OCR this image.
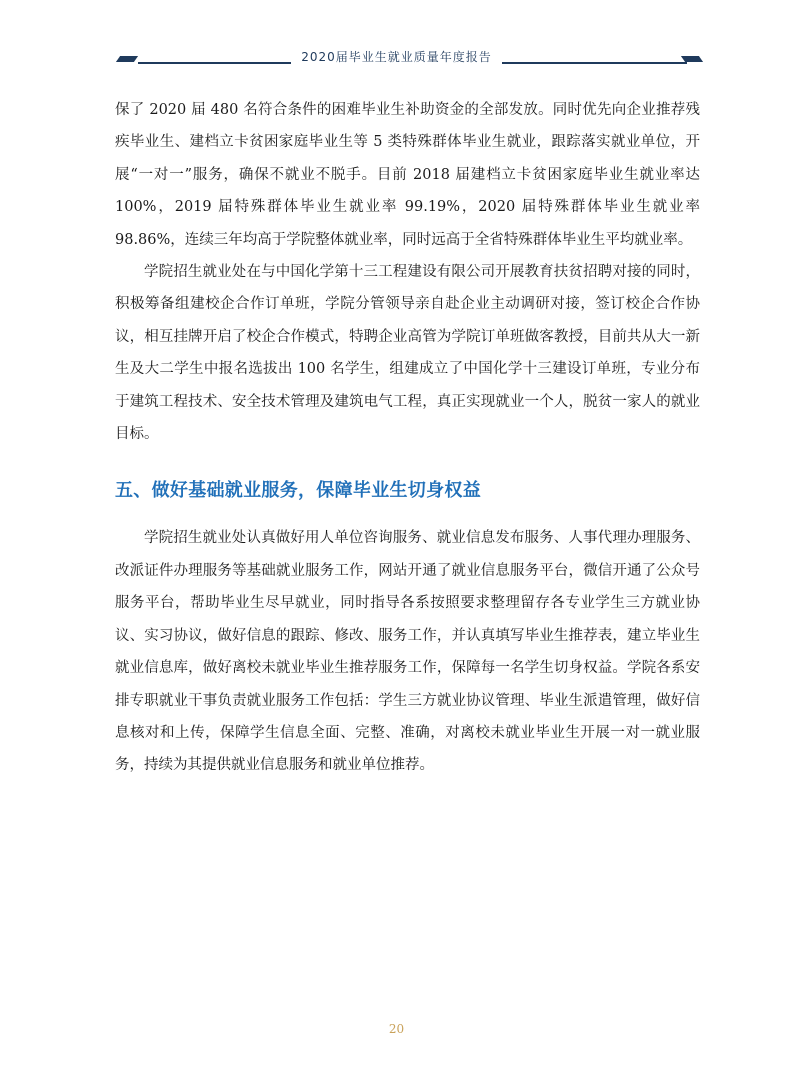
2020届毕业生就业质量年度报告

保了 2020 届 480 名符合条件的困难毕业生补助资金的全部发放。同时优先向企业推荐残疾毕业生、建档立卡贫困家庭毕业生等 5 类特殊群体毕业生就业，跟踪落实就业单位，开展“一对一”服务，确保不就业不脱手。目前 2018 届建档立卡贫困家庭毕业生就业率达 100%，2019 届特殊群体毕业生就业率 99.19%，2020 届特殊群体毕业生就业率 98.86%，连续三年均高于学院整体就业率，同时远高于全省特殊群体毕业生平均就业率。

学院招生就业处在与中国化学第十三工程建设有限公司开展教育扶贫招聘对接的同时，积极筹备组建校企合作订单班，学院分管领导亲自赴企业主动调研对接，签订校企合作协议，相互挂牌开启了校企合作模式，特聘企业高管为学院订单班做客教授，目前共从大一新生及大二学生中报名选拔出 100 名学生，组建成立了中国化学十三建设订单班，专业分布于建筑工程技术、安全技术管理及建筑电气工程，真正实现就业一个人，脱贫一家人的就业目标。

五、做好基础就业服务，保障毕业生切身权益

学院招生就业处认真做好用人单位咨询服务、就业信息发布服务、人事代理办理服务、改派证件办理服务等基础就业服务工作，网站开通了就业信息服务平台，微信开通了公众号服务平台，帮助毕业生尽早就业，同时指导各系按照要求整理留存各专业学生三方就业协议、实习协议，做好信息的跟踪、修改、服务工作，并认真填写毕业生推荐表，建立毕业生就业信息库，做好离校未就业毕业生推荐服务工作，保障每一名学生切身权益。学院各系安排专职就业干事负责就业服务工作包括：学生三方就业协议管理、毕业生派遣管理，做好信息核对和上传，保障学生信息全面、完整、准确，对离校未就业毕业生开展一对一就业服务，持续为其提供就业信息服务和就业单位推荐。

20
